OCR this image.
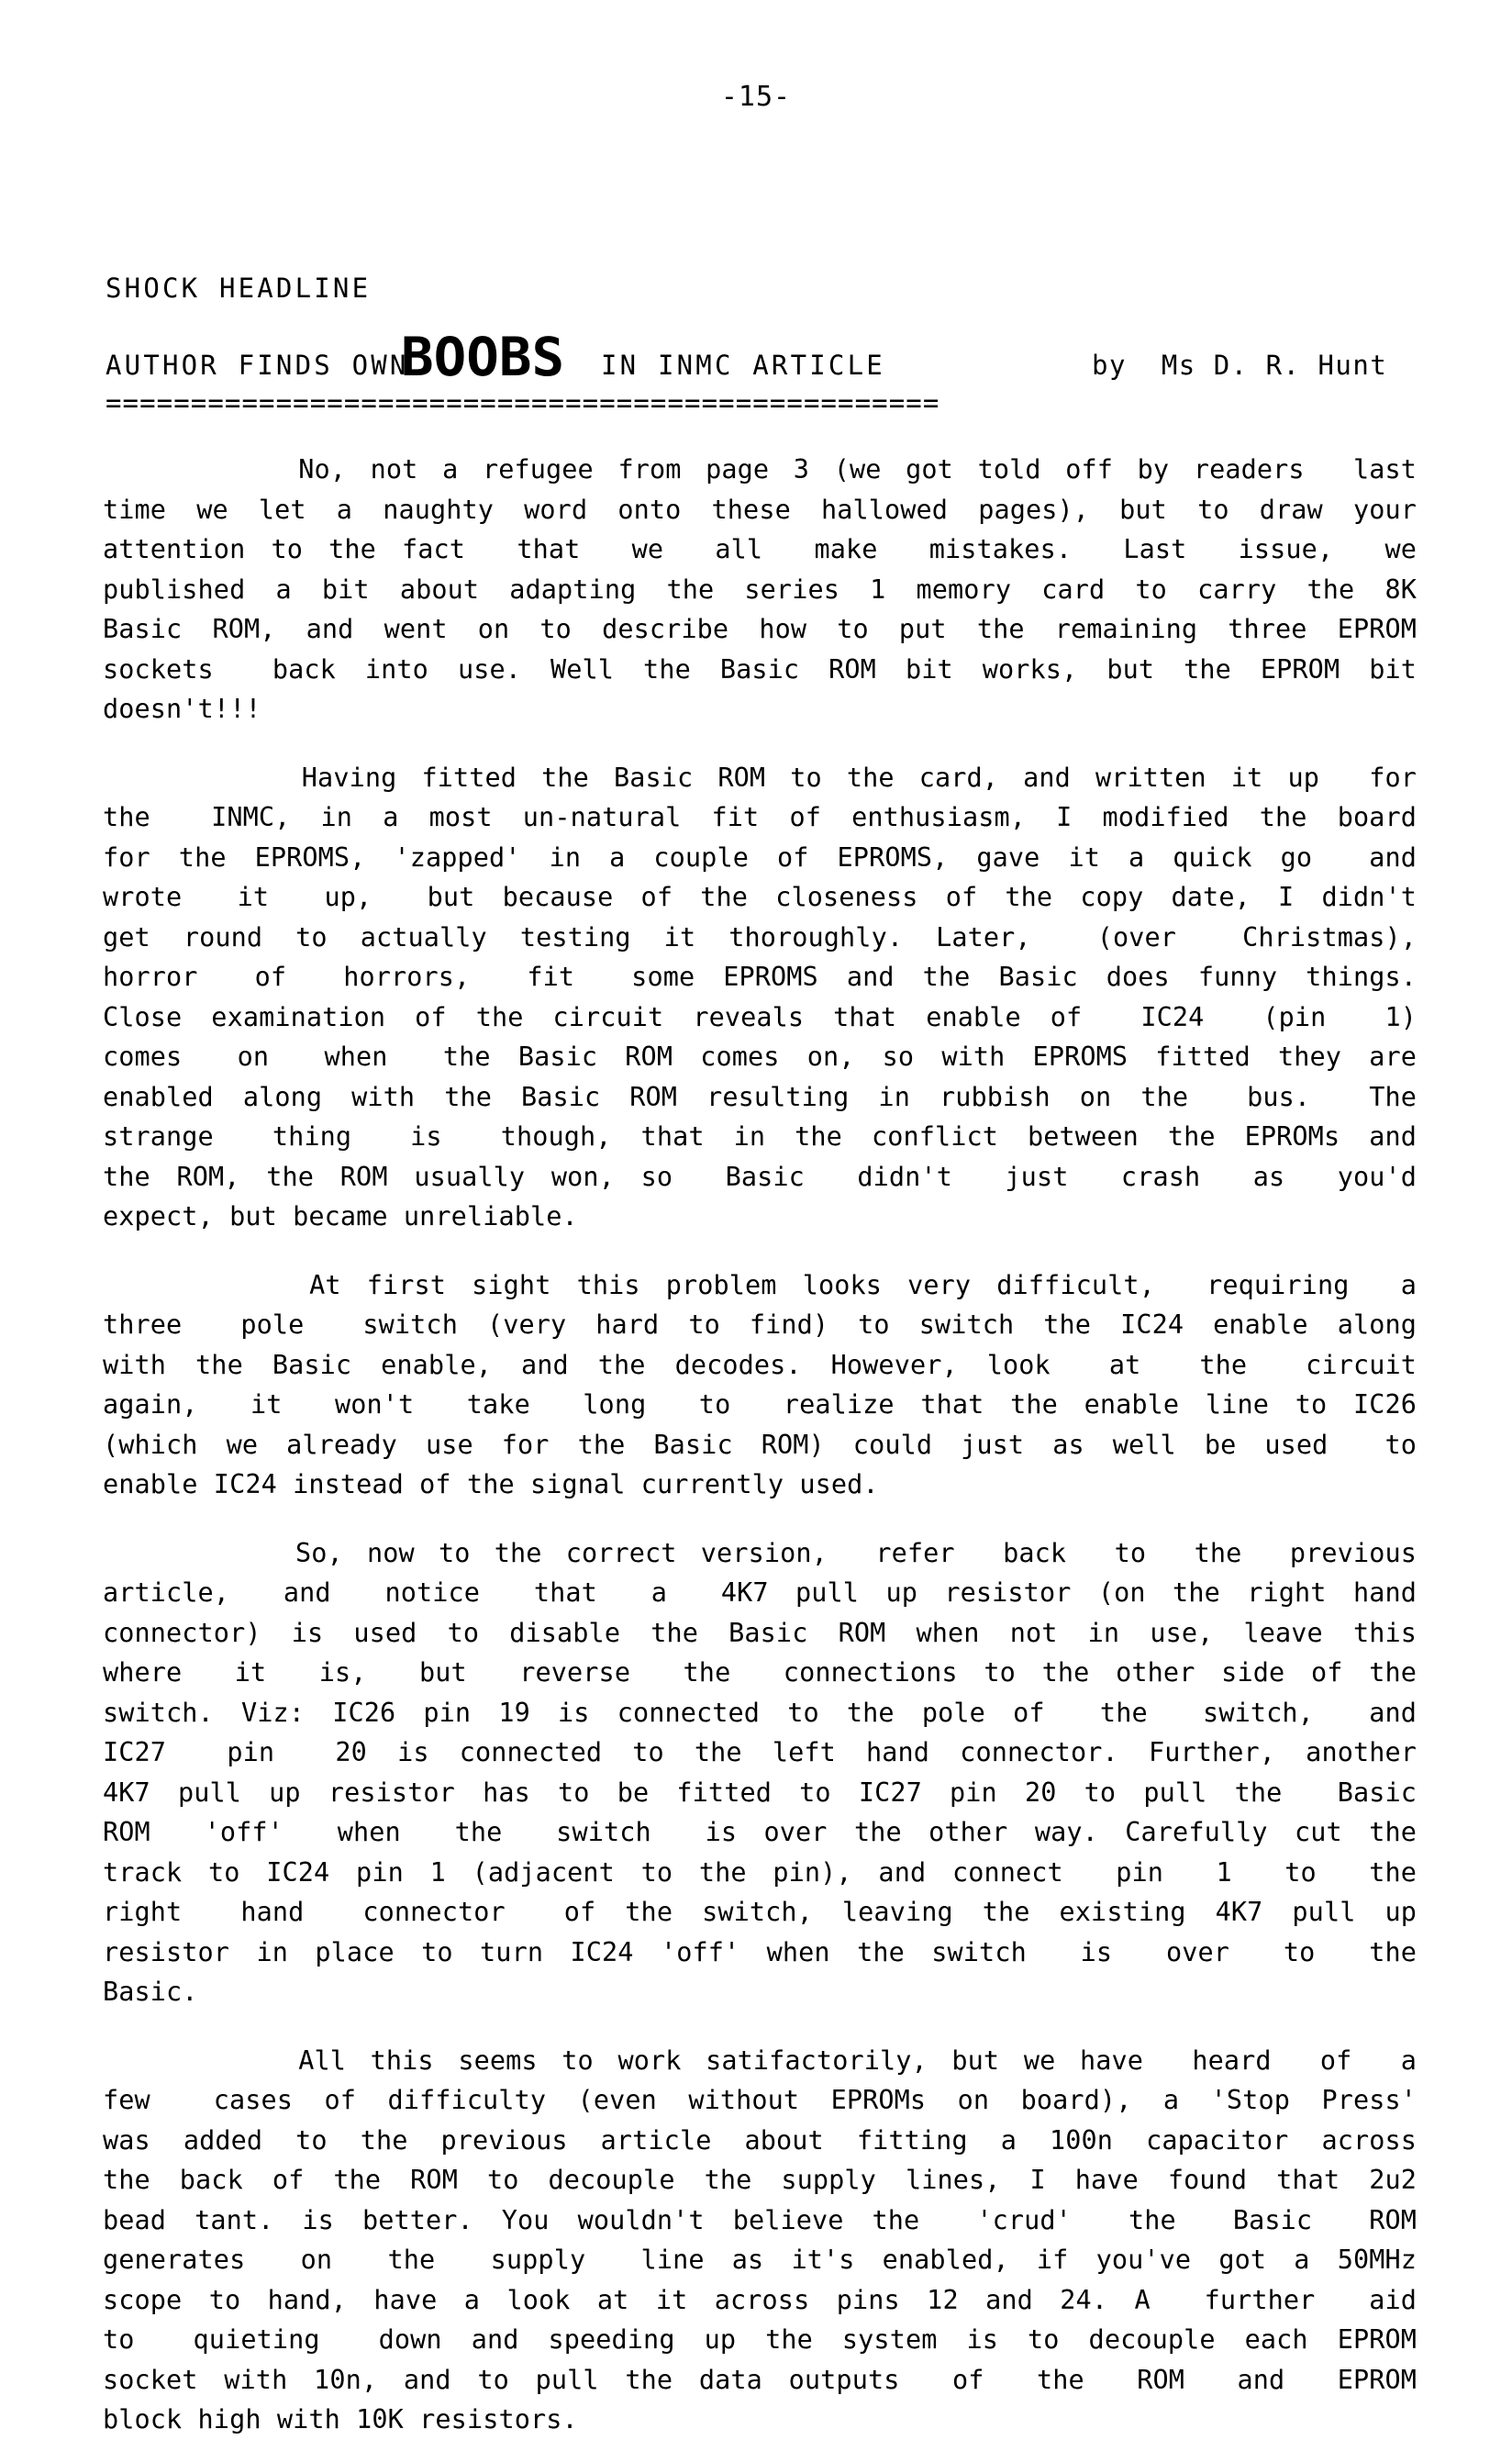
-15-
SHOCK HEADLINE
AUTHOR FINDS OWN
BOOBS IN INMC ARTICLE	by  Ms D. R. Hunt
=================================================
No, not a refugee from page 3 (we got told off by readers  last
time we let a naughty word onto these hallowed pages), but to draw your
attention to the fact  that  we  all  make  mistakes.  Last  issue,  we
published a bit about adapting the series 1 memory card to carry the 8K
Basic ROM, and went on to describe how to put the remaining three EPROM
sockets  back into use. Well the Basic ROM bit works, but the EPROM bit
doesn't!!!
Having fitted the Basic ROM to the card, and written it up  for
the  INMC, in a most un-natural fit of enthusiasm, I modified the board
for the EPROMS, 'zapped' in a couple of EPROMS, gave it a quick go  and
wrote  it  up,  but because of the closeness of the copy date, I didn't
get round to actually testing it thoroughly. Later,  (over  Christmas),
horror  of  horrors,  fit  some EPROMS and the Basic does funny things.
Close examination of the circuit reveals that enable of  IC24  (pin  1)
comes  on  when  the Basic ROM comes on, so with EPROMS fitted they are
enabled along with the Basic ROM resulting in rubbish on the  bus.  The
strange  thing  is  though, that in the conflict between the EPROMs and
the ROM, the ROM usually won, so  Basic  didn't  just  crash  as  you'd
expect, but became unreliable.
At first sight this problem looks very difficult,  requiring  a
three  pole  switch (very hard to find) to switch the IC24 enable along
with the Basic enable, and the decodes. However, look  at  the  circuit
again,  it  won't  take  long  to  realize that the enable line to IC26
(which we already use for the Basic ROM) could just as well be used  to
enable IC24 instead of the signal currently used.
So, now to the correct version,  refer  back  to  the  previous
article,  and  notice  that  a  4K7 pull up resistor (on the right hand
connector) is used to disable the Basic ROM when not in use, leave this
where  it  is,  but  reverse  the  connections to the other side of the
switch. Viz: IC26 pin 19 is connected to the pole of  the  switch,  and
IC27  pin  20 is connected to the left hand connector. Further, another
4K7 pull up resistor has to be fitted to IC27 pin 20 to pull the  Basic
ROM  'off'  when  the  switch  is over the other way. Carefully cut the
track to IC24 pin 1 (adjacent to the pin), and connect  pin  1  to  the
right  hand  connector  of the switch, leaving the existing 4K7 pull up
resistor in place to turn IC24 'off' when the switch  is  over  to  the
Basic.
All this seems to work satifactorily, but we have  heard  of  a
few  cases of difficulty (even without EPROMs on board), a 'Stop Press'
was added to the previous article about fitting a 100n capacitor across
the back of the ROM to decouple the supply lines, I have found that 2u2
bead tant. is better. You wouldn't believe the  'crud'  the  Basic  ROM
generates  on  the  supply  line as it's enabled, if you've got a 50MHz
scope to hand, have a look at it across pins 12 and 24. A  further  aid
to  quieting  down and speeding up the system is to decouple each EPROM
socket with 10n, and to pull the data outputs  of  the  ROM  and  EPROM
block high with 10K resistors.
